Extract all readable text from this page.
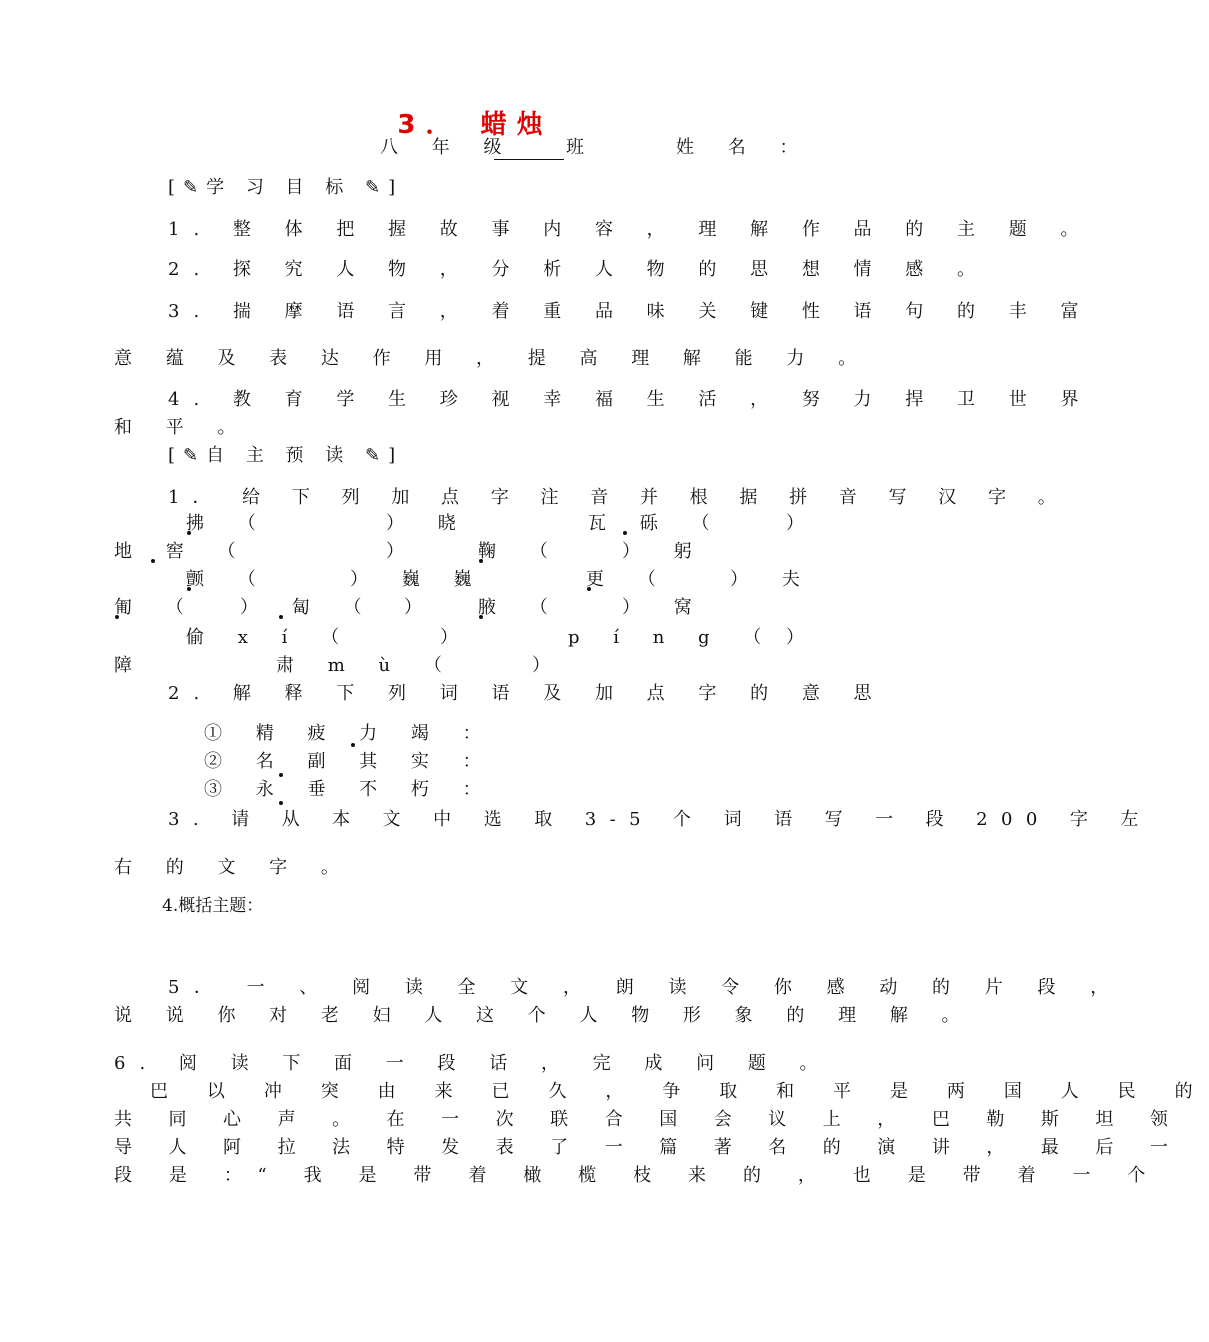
3． 蜡烛
八 年 级	班	姓 名 ：
[✎学 习 目 标 ✎]
1. 整 体 把 握 故 事 内 容 ， 理 解 作 品 的 主 题 。
2. 探 究 人 物 ， 分 析 人 物 的 思 想 情 感 。
3. 揣 摩 语 言 ， 着 重 品 味 关 键 性 语 句 的 丰 富
意 蕴 及 表 达 作 用 ， 提 高 理 解 能 力 。
4. 教 育 学 生 珍 视 幸 福 生 活 ， 努 力 捍 卫 世 界
和 平 。
[✎自 主 预 读 ✎]
1． 给 下 列 加 点 字 注 音 并 根 据 拼 音 写 汉 字 。
拂 （	） 晓	瓦 砾 （	）
地 窖 （	）	鞠 （	） 躬
颤 （	） 巍 巍	更 （	） 夫
匍 （ ） 匐 （ ） 腋 （	） 窝
偷 x í （	）	p í n g （ ）
障	肃 m ù （	）
2. 解 释 下 列 词 语 及 加 点 字 的 意 思
① 精 疲 力 竭 ：
② 名 副 其 实 ：
③ 永 垂 不 朽 ：
3. 请 从 本 文 中 选 取 3-5 个 词 语 写 一 段 200 字 左
右 的 文 字 。
4.概括主题：
5． 一 、 阅 读 全 文 ， 朗 读 令 你 感 动 的 片 段 ，
说 说 你 对 老 妇 人 这 个 人 物 形 象 的 理 解 。
6. 阅 读 下 面 一 段 话 ， 完 成 问 题 。
巴 以 冲 突 由 来 已 久 ， 争 取 和 平 是 两 国 人 民 的
共 同 心 声 。 在 一 次 联 合 国 会 议 上 ， 巴 勒 斯 坦 领
导 人 阿 拉 法 特 发 表 了 一 篇 著 名 的 演 讲 ， 最 后 一
段 是 ：“ 我 是 带 着 橄 榄 枝 来 的 ， 也 是 带 着 一 个
